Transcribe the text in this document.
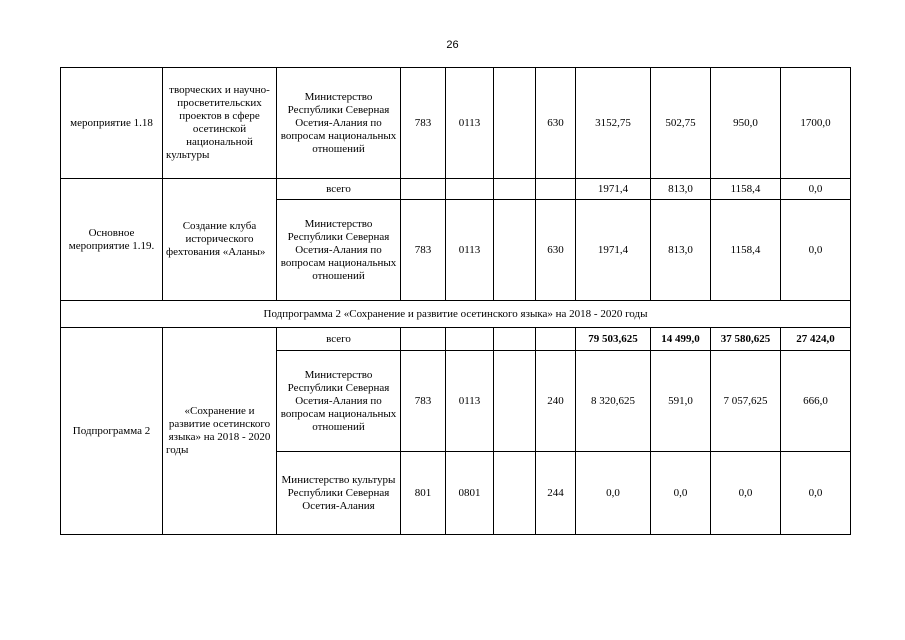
26
мероприятие 1.18	творческих и научно-просветительских проектов в сфере осетинской национальной культуры	Министерство Республики Северная Осетия-Алания по вопросам национальных отношений	783	0113		630	3152,75	502,75	950,0	1700,0
Основное мероприятие 1.19.	Создание клуба исторического фехтования «Аланы»	всего					1971,4	813,0	1158,4	0,0
		Министерство Республики Северная Осетия-Алания по вопросам национальных отношений	783	0113		630	1971,4	813,0	1158,4	0,0
Подпрограмма 2 «Сохранение и развитие осетинского языка» на 2018 - 2020 годы										
Подпрограмма 2	«Сохранение и развитие осетинского языка» на 2018 - 2020 годы	всего					79 503,625	14 499,0	37 580,625	27 424,0
		Министерство Республики Северная Осетия-Алания по вопросам национальных отношений	783	0113		240	8 320,625	591,0	7 057,625	666,0
		Министерство культуры Республики Северная Осетия-Алания	801	0801		244	0,0	0,0	0,0	0,0
